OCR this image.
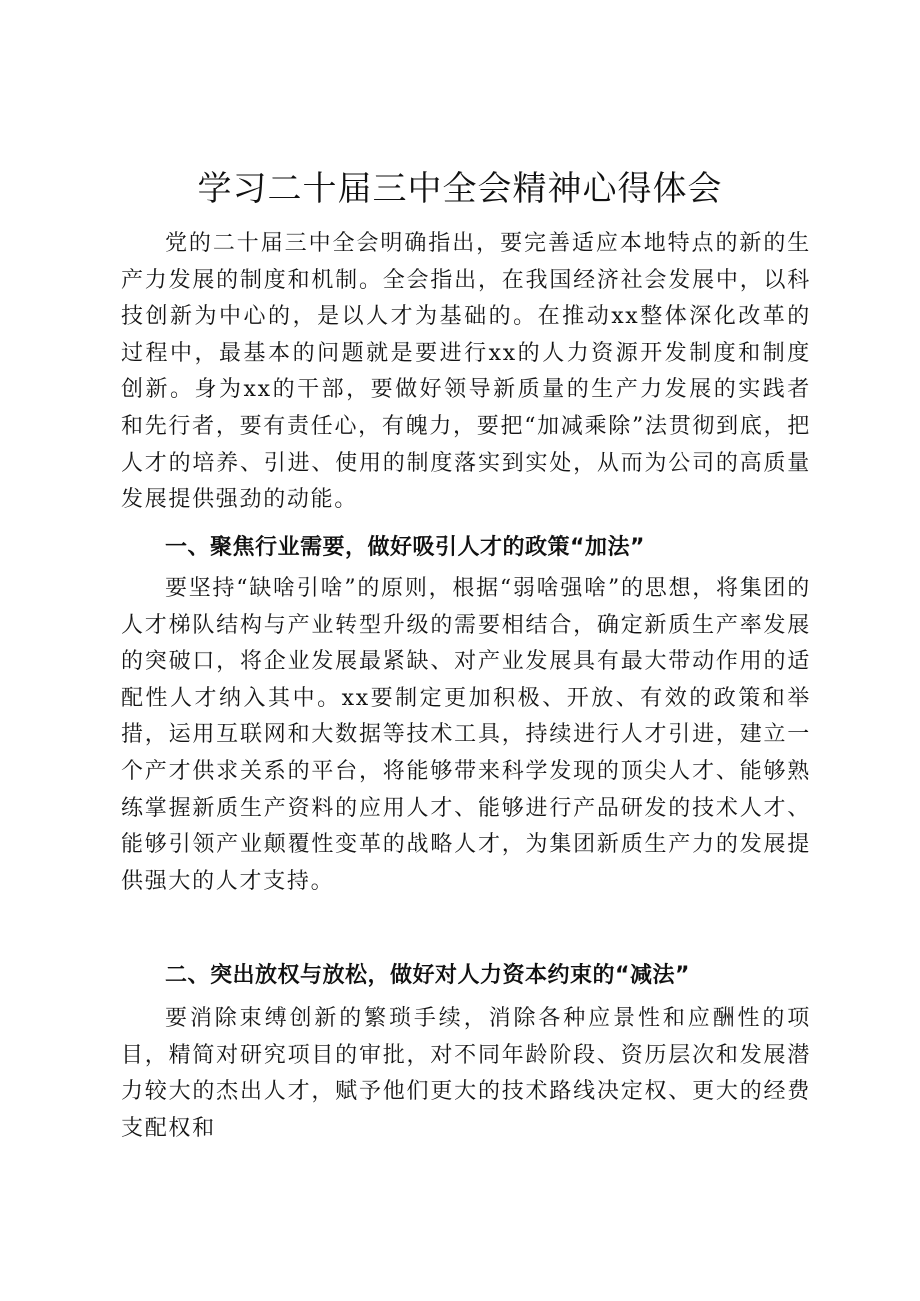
学习二十届三中全会精神心得体会

党的二十届三中全会明确指出，要完善适应本地特点的新的生产力发展的制度和机制。全会指出，在我国经济社会发展中，以科技创新为中心的，是以人才为基础的。在推动xx整体深化改革的过程中，最基本的问题就是要进行xx的人力资源开发制度和制度创新。身为xx的干部，要做好领导新质量的生产力发展的实践者和先行者，要有责任心，有魄力，要把“加减乘除”法贯彻到底，把人才的培养、引进、使用的制度落实到实处，从而为公司的高质量发展提供强劲的动能。

一、聚焦行业需要，做好吸引人才的政策“加法”

要坚持“缺啥引啥”的原则，根据“弱啥强啥”的思想，将集团的人才梯队结构与产业转型升级的需要相结合，确定新质生产率发展的突破口，将企业发展最紧缺、对产业发展具有最大带动作用的适配性人才纳入其中。xx要制定更加积极、开放、有效的政策和举措，运用互联网和大数据等技术工具，持续进行人才引进，建立一个产才供求关系的平台，将能够带来科学发现的顶尖人才、能够熟练掌握新质生产资料的应用人才、能够进行产品研发的技术人才、能够引领产业颠覆性变革的战略人才，为集团新质生产力的发展提供强大的人才支持。

二、突出放权与放松，做好对人力资本约束的“减法”

要消除束缚创新的繁琐手续，消除各种应景性和应酬性的项目，精简对研究项目的审批，对不同年龄阶段、资历层次和发展潜力较大的杰出人才，赋予他们更大的技术路线决定权、更大的经费支配权和
